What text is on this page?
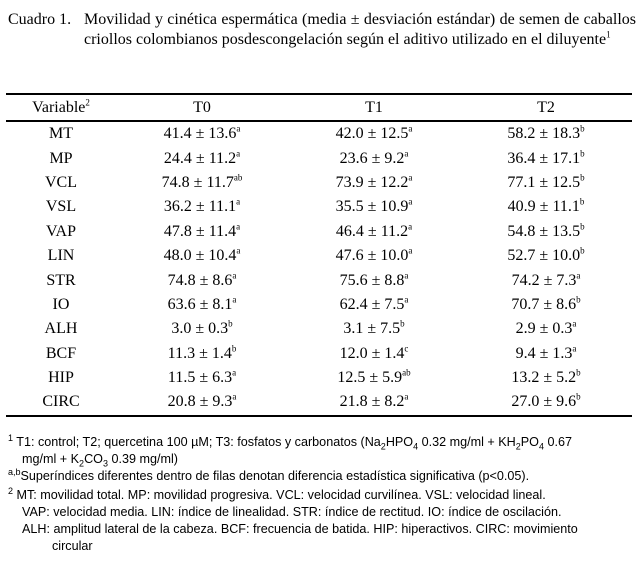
Cuadro 1. Movilidad y cinética espermática (media ± desviación estándar) de semen de caballos criollos colombianos posdescongelación según el aditivo utilizado en el diluyente$^1$
Variable$^2$	T0	T1	T2
MT	41.4 ± 13.6$^a$	42.0 ± 12.5$^a$	58.2 ± 18.3$^b$
MP	24.4 ± 11.2$^a$	23.6 ± 9.2$^a$	36.4 ± 17.1$^b$
VCL	74.8 ± 11.7$^{ab}$	73.9 ± 12.2$^a$	77.1 ± 12.5$^b$
VSL	36.2 ± 11.1$^a$	35.5 ± 10.9$^a$	40.9 ± 11.1$^b$
VAP	47.8 ± 11.4$^a$	46.4 ± 11.2$^a$	54.8 ± 13.5$^b$
LIN	48.0 ± 10.4$^a$	47.6 ± 10.0$^a$	52.7 ± 10.0$^b$
STR	74.8 ± 8.6$^a$	75.6 ± 8.8$^a$	74.2 ± 7.3$^a$
IO	63.6 ± 8.1$^a$	62.4 ± 7.5$^a$	70.7 ± 8.6$^b$
ALH	3.0 ± 0.3$^b$	3.1 ± 7.5$^b$	2.9 ± 0.3$^a$
BCF	11.3 ± 1.4$^b$	12.0 ± 1.4$^c$	9.4 ± 1.3$^a$
HIP	11.5 ± 6.3$^a$	12.5 ± 5.9$^{ab}$	13.2 ± 5.2$^b$
CIRC	20.8 ± 9.3$^a$	21.8 ± 8.2$^a$	27.0 ± 9.6$^b$

$^1$ T1: control; T2; quercetina 100 µM; T3: fosfatos y carbonatos ($Na_2HPO_4$ 0.32 $mg/ml + KH_2PO_4$ 0.67

$mg/ml + K_2CO_3$ 0.39 mg/ml)

$^{a,b}$Superíndices diferentes dentro de filas denotan diferencia estadística significativa (p<0.05).

$^2$ MT: movilidad total. MP: movilidad progresiva. VCL: velocidad curvilínea. VSL: velocidad lineal.

VAP: velocidad media. LIN: índice de linealidad. STR: índice de rectitud. IO: índice de oscilación.

ALH: amplitud lateral de la cabeza. BCF: frecuencia de batida. HIP: hiperactivos. CIRC: movimiento

circular
